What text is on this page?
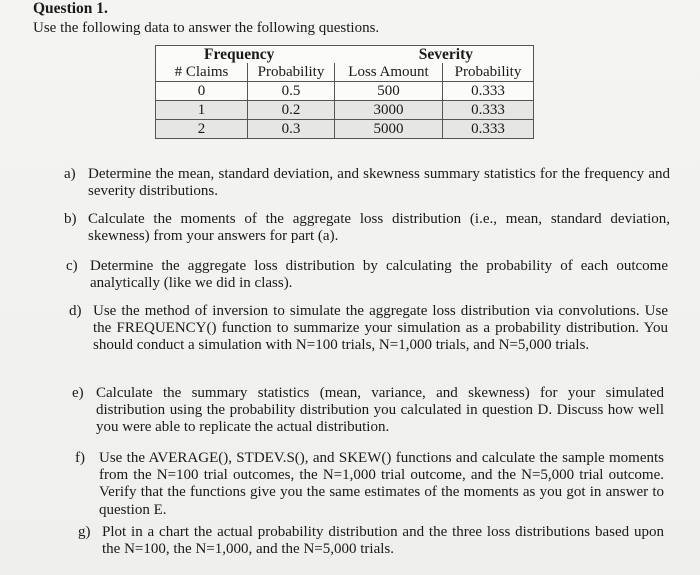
Question 1.
Use the following data to answer the following questions.
Frequency		Severity	
# Claims	Probability	Loss Amount	Probability
0	0.5	500	0.333
1	0.2	3000	0.333
2	0.3	5000	0.333
a) Determine the mean, standard deviation, and skewness summary statistics for the frequency and severity distributions.
b) Calculate the moments of the aggregate loss distribution (i.e., mean, standard deviation, skewness) from your answers for part (a).
c) Determine the aggregate loss distribution by calculating the probability of each outcome analytically (like we did in class).
d) Use the method of inversion to simulate the aggregate loss distribution via convolutions. Use the FREQUENCY() function to summarize your simulation as a probability distribution. You should conduct a simulation with N=100 trials, N=1,000 trials, and N=5,000 trials.
e) Calculate the summary statistics (mean, variance, and skewness) for your simulated distribution using the probability distribution you calculated in question D. Discuss how well you were able to replicate the actual distribution.
f) Use the AVERAGE(), STDEV.S(), and SKEW() functions and calculate the sample moments from the N=100 trial outcomes, the N=1,000 trial outcome, and the N=5,000 trial outcome. Verify that the functions give you the same estimates of the moments as you got in answer to question E.
g) Plot in a chart the actual probability distribution and the three loss distributions based upon the N=100, the N=1,000, and the N=5,000 trials.
